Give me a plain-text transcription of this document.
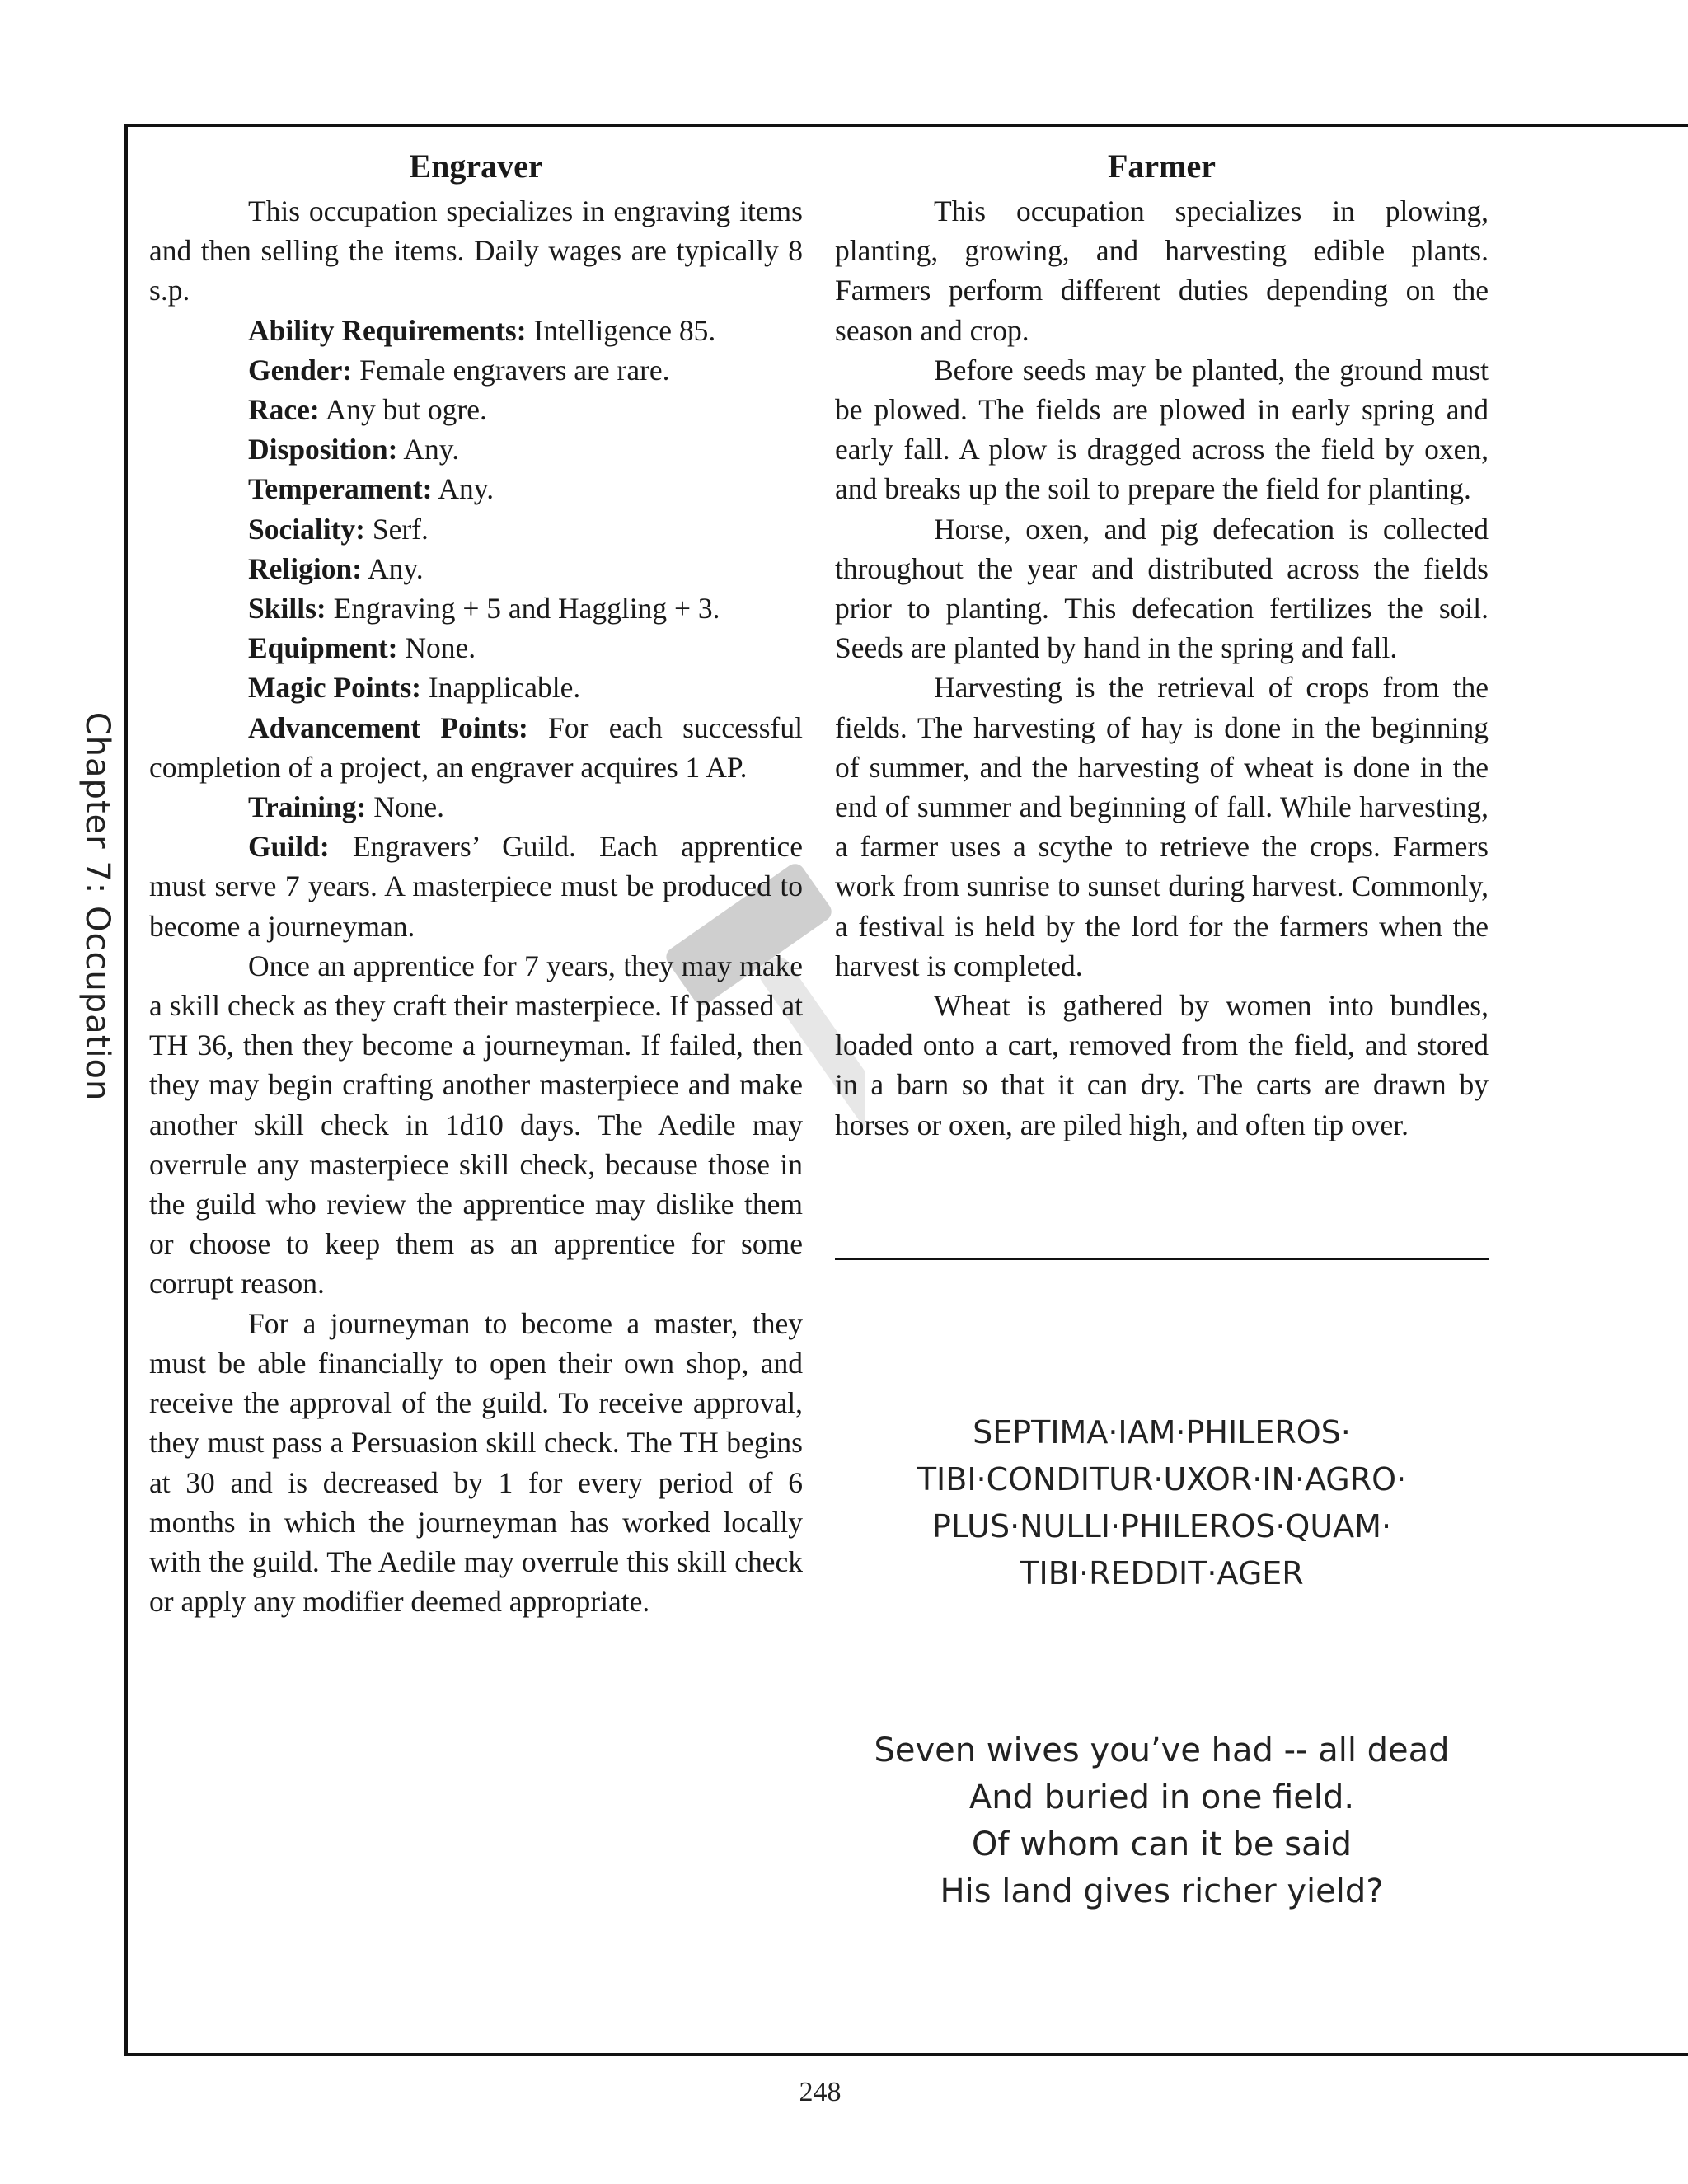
Chapter 7: Occupation
Engraver

This occupation specializes in engraving items and then selling the items. Daily wages are typically 8 s.p.

Ability Requirements: Intelligence 85.
Gender: Female engravers are rare.
Race: Any but ogre.
Disposition: Any.
Temperament: Any.
Sociality: Serf.
Religion: Any.
Skills: Engraving + 5 and Haggling + 3.
Equipment: None.
Magic Points: Inapplicable.
Advancement Points: For each successful completion of a project, an engraver acquires 1 AP.
Training: None.
Guild: Engravers’ Guild. Each apprentice must serve 7 years. A masterpiece must be produced to become a journeyman.

Once an apprentice for 7 years, they may make a skill check as they craft their masterpiece. If passed at TH 36, then they become a journeyman. If failed, then they may begin crafting another masterpiece and make another skill check in 1d10 days. The Aedile may overrule any masterpiece skill check, because those in the guild who review the apprentice may dislike them or choose to keep them as an apprentice for some corrupt reason.

For a journeyman to become a master, they must be able financially to open their own shop, and receive the approval of the guild. To receive approval, they must pass a Persuasion skill check. The TH begins at 30 and is decreased by 1 for every period of 6 months in which the journeyman has worked locally with the guild. The Aedile may overrule this skill check or apply any modifier deemed appropriate.

Farmer

This occupation specializes in plowing, planting, growing, and harvesting edible plants. Farmers perform different duties depending on the season and crop.

Before seeds may be planted, the ground must be plowed. The fields are plowed in early spring and early fall. A plow is dragged across the field by oxen, and breaks up the soil to prepare the field for planting.

Horse, oxen, and pig defecation is collected throughout the year and distributed across the fields prior to planting. This defecation fertilizes the soil. Seeds are planted by hand in the spring and fall.

Harvesting is the retrieval of crops from the fields. The harvesting of hay is done in the beginning of summer, and the harvesting of wheat is done in the end of summer and beginning of fall. While harvesting, a farmer uses a scythe to retrieve the crops. Farmers work from sunrise to sunset during harvest. Commonly, a festival is held by the lord for the farmers when the harvest is completed.

Wheat is gathered by women into bundles, loaded onto a cart, removed from the field, and stored in a barn so that it can dry. The carts are drawn by horses or oxen, are piled high, and often tip over.

SEPTIMA·IAM·PHILEROS·
TIBI·CONDITUR·UXOR·IN·AGRO·
PLUS·NULLI·PHILEROS·QUAM·
TIBI·REDDIT·AGER
Seven wives you’ve had -- all dead
And buried in one field.
Of whom can it be said
His land gives richer yield?
248
